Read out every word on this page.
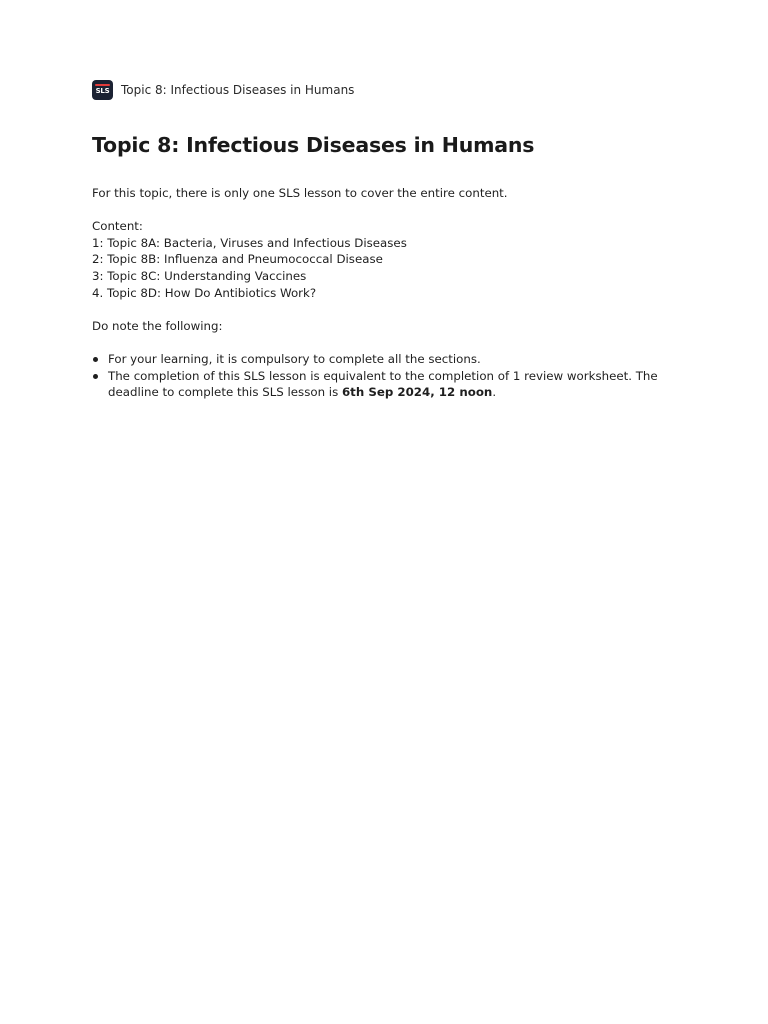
SLS Topic 8: Infectious Diseases in Humans
Topic 8: Infectious Diseases in Humans

For this topic, there is only one SLS lesson to cover the entire content.

Content:

1: Topic 8A: Bacteria, Viruses and Infectious Diseases

2: Topic 8B: Influenza and Pneumococcal Disease

3: Topic 8C: Understanding Vaccines

4. Topic 8D: How Do Antibiotics Work?

Do note the following:

For your learning, it is compulsory to complete all the sections.
The completion of this SLS lesson is equivalent to the completion of 1 review worksheet. The
deadline to complete this SLS lesson is 6th Sep 2024, 12 noon.
